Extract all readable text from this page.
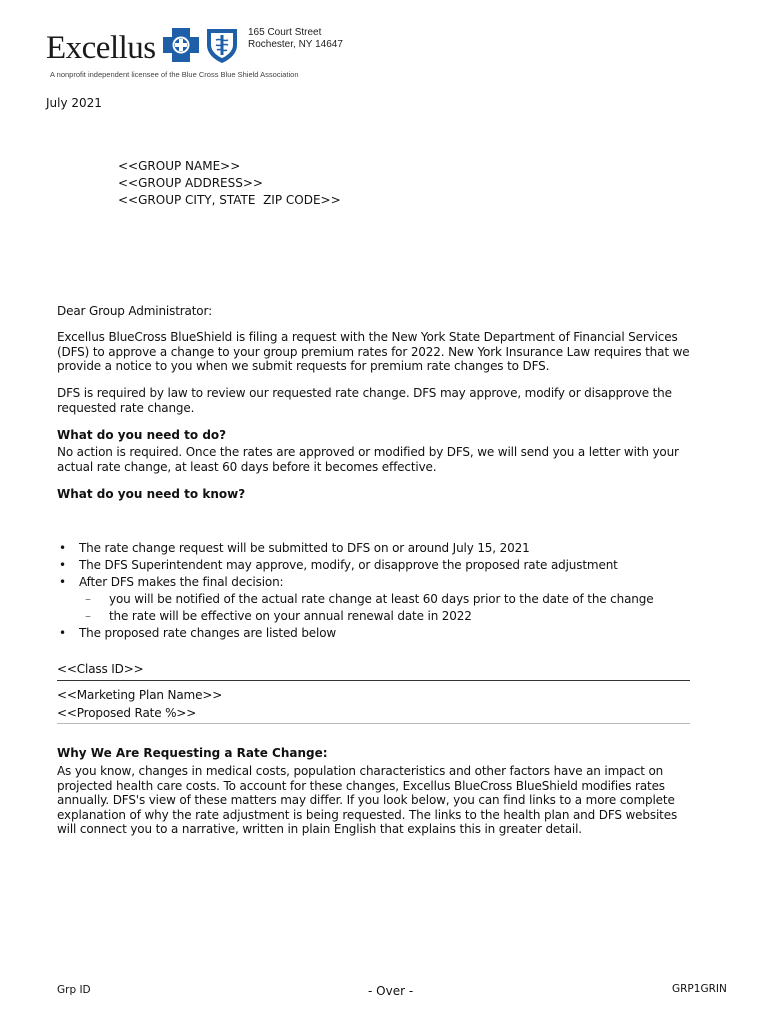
Excellus	165 Court Street
Rochester, NY 14647
A nonprofit independent licensee of the Blue Cross Blue Shield Association
July 2021
<<GROUP NAME>>
<<GROUP ADDRESS>>
<<GROUP CITY, STATE  ZIP CODE>>
Dear Group Administrator:
Excellus BlueCross BlueShield is filing a request with the New York State Department of Financial Services (DFS) to approve a change to your group premium rates for 2022. New York Insurance Law requires that we provide a notice to you when we submit requests for premium rate changes to DFS.
DFS is required by law to review our requested rate change. DFS may approve, modify or disapprove the requested rate change.
What do you need to do?
No action is required. Once the rates are approved or modified by DFS, we will send you a letter with your actual rate change, at least 60 days before it becomes effective.
What do you need to know?
• The rate change request will be submitted to DFS on or around July 15, 2021
• The DFS Superintendent may approve, modify, or disapprove the proposed rate adjustment
• After DFS makes the final decision:
– you will be notified of the actual rate change at least 60 days prior to the date of the change
– the rate will be effective on your annual renewal date in 2022
• The proposed rate changes are listed below
<<Class ID>>
<<Marketing Plan Name>>
<<Proposed Rate %>>
Why We Are Requesting a Rate Change:
As you know, changes in medical costs, population characteristics and other factors have an impact on projected health care costs. To account for these changes, Excellus BlueCross BlueShield modifies rates annually. DFS's view of these matters may differ. If you look below, you can find links to a more complete explanation of why the rate adjustment is being requested. The links to the health plan and DFS websites will connect you to a narrative, written in plain English that explains this in greater detail.
Grp ID	- Over -	GRP1GRIN
